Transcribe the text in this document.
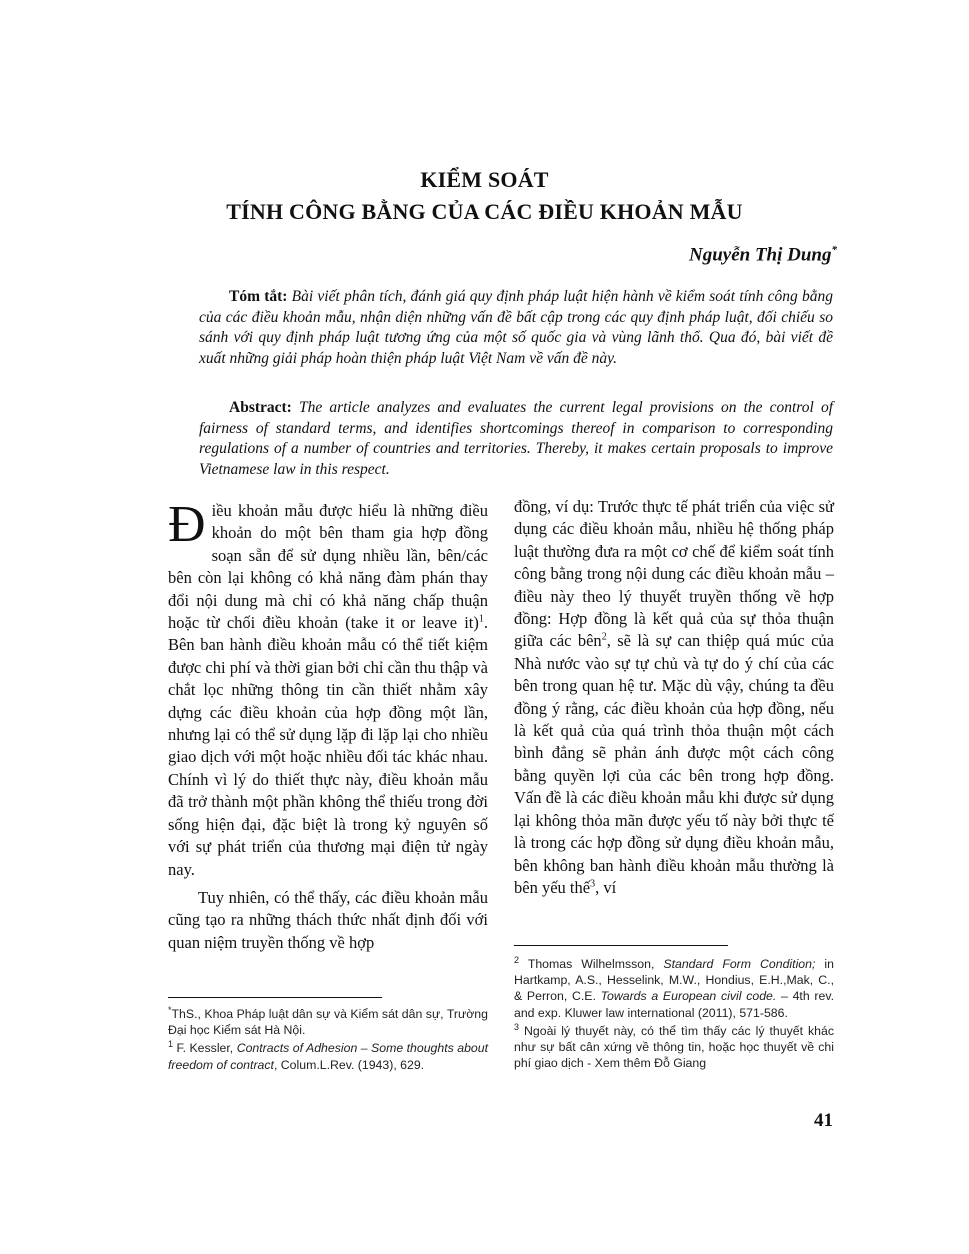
KIỂM SOÁT
TÍNH CÔNG BẰNG CỦA CÁC ĐIỀU KHOẢN MẪU
Nguyễn Thị Dung*
Tóm tắt: Bài viết phân tích, đánh giá quy định pháp luật hiện hành về kiểm soát tính công bằng của các điều khoản mẫu, nhận diện những vấn đề bất cập trong các quy định pháp luật, đối chiếu so sánh với quy định pháp luật tương ứng của một số quốc gia và vùng lãnh thổ. Qua đó, bài viết đề xuất những giải pháp hoàn thiện pháp luật Việt Nam về vấn đề này.
Abstract: The article analyzes and evaluates the current legal provisions on the control of fairness of standard terms, and identifies shortcomings thereof in comparison to corresponding regulations of a number of countries and territories. Thereby, it makes certain proposals to improve Vietnamese law in this respect.

Điều khoản mẫu được hiểu là những điều khoản do một bên tham gia hợp đồng soạn sẵn để sử dụng nhiều lần, bên/các bên còn lại không có khả năng đàm phán thay đổi nội dung mà chỉ có khả năng chấp thuận hoặc từ chối điều khoản (take it or leave it)$^1$. Bên ban hành điều khoản mẫu có thể tiết kiệm được chi phí và thời gian bởi chỉ cần thu thập và chắt lọc những thông tin cần thiết nhằm xây dựng các điều khoản của hợp đồng một lần, nhưng lại có thể sử dụng lặp đi lặp lại cho nhiều giao dịch với một hoặc nhiều đối tác khác nhau. Chính vì lý do thiết thực này, điều khoản mẫu đã trở thành một phần không thể thiếu trong đời sống hiện đại, đặc biệt là trong kỷ nguyên số với sự phát triển của thương mại điện tử ngày nay.

Tuy nhiên, có thể thấy, các điều khoản mẫu cũng tạo ra những thách thức nhất định đối với quan niệm truyền thống về hợp

đồng, ví dụ: Trước thực tế phát triển của việc sử dụng các điều khoản mẫu, nhiều hệ thống pháp luật thường đưa ra một cơ chế để kiểm soát tính công bằng trong nội dung các điều khoản mẫu – điều này theo lý thuyết truyền thống về hợp đồng: Hợp đồng là kết quả của sự thỏa thuận giữa các bên$^2$, sẽ là sự can thiệp quá múc của Nhà nước vào sự tự chủ và tự do ý chí của các bên trong quan hệ tư. Mặc dù vậy, chúng ta đều đồng ý rằng, các điều khoản của hợp đồng, nếu là kết quả của quá trình thỏa thuận một cách bình đẳng sẽ phản ánh được một cách công bằng quyền lợi của các bên trong hợp đồng. Vấn đề là các điều khoản mẫu khi được sử dụng lại không thỏa mãn được yếu tố này bởi thực tế là trong các hợp đồng sử dụng điều khoản mẫu, bên không ban hành điều khoản mẫu thường là bên yếu thế$^3$, ví

*ThS., Khoa Pháp luật dân sự và Kiểm sát dân sự, Trường Đại học Kiểm sát Hà Nội.

$^1$ F. Kessler, Contracts of Adhesion – Some thoughts about freedom of contract, Colum.L.Rev. (1943), 629.

$^2$ Thomas Wilhelmsson, Standard Form Condition; in Hartkamp, A.S., Hesselink, M.W., Hondius, E.H.,Mak, C., & Perron, C.E. Towards a European civil code. – 4th rev. and exp. Kluwer law international (2011), 571-586.

$^3$ Ngoài lý thuyết này, có thể tìm thấy các lý thuyết khác như sự bất cân xứng về thông tin, hoặc học thuyết về chi phí giao dịch - Xem thêm Đỗ Giang

41
